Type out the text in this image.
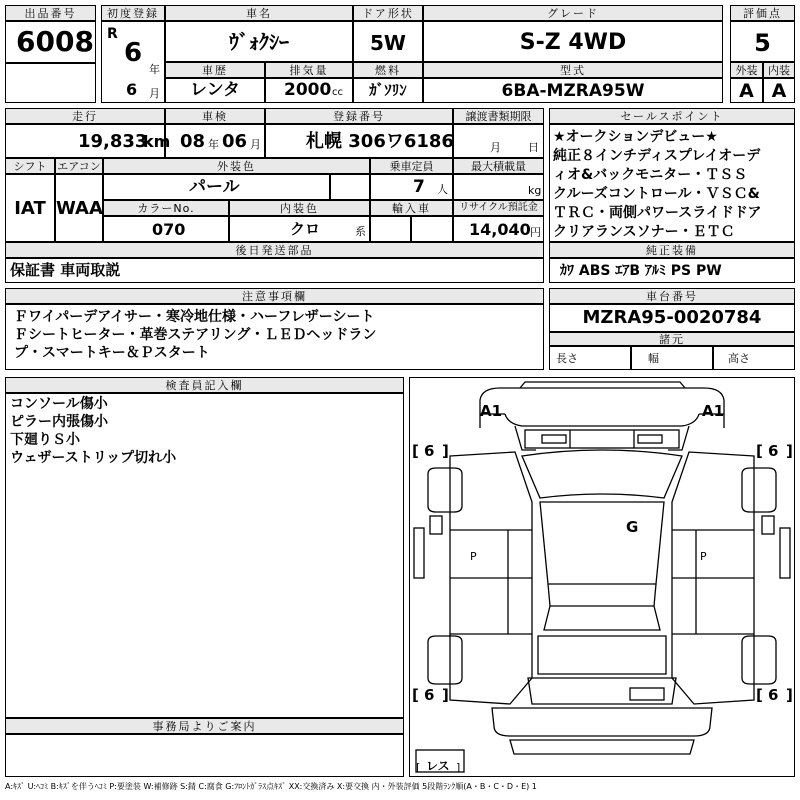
出品番号
6008
初度登録
R
6
年
6 月
車名
ｳﾞｫｸｼｰ
ドア形状
5W
グレード
S-Z 4WD
評価点
5
車歴
レンタ
排気量
2000 cc
燃料
ｶﾞｿﾘﾝ
型式
6BA-MZRA95W
外装 内装
A A
走行
19,833
km
車検
08 年 06 月
登録番号
札幌 306ワ6186
譲渡書類期限
月 日
シフト エアコン
IAT WAA
外装色
パール
乗車定員
7 人
最大積載量
kg
カラーNo.
070
内装色
クロ	系
輸入車	リサイクル預託金
14,040 円
セールスポイント
★オークションデビュー★
純正８インチディスプレイオーデ
ィオ&バックモニター・ＴＳＳ
クルーズコントロール・ＶＳＣ&
ＴＲＣ・両側パワースライドドア
クリアランスソナー・ＥＴＣ
後日発送部品
保証書 車両取説
純正装備
ｶﾜ ABS ｴｱB ｱﾙﾐ PS PW
注意事項欄
Ｆワイパーデアイサー・寒冷地仕様・ハーフレザーシート
Ｆシートヒーター・革巻ステアリング・ＬＥＤヘッドラン
プ・スマートキー＆Ｐスタート
車台番号
MZRA95-0020784
諸元
長さ	幅	高さ
検査員記入欄
コンソール傷小
ピラー内張傷小
下廻りＳ小
ウェザーストリップ切れ小
事務局よりご案内
A1	A1
G
[ 6 ]	[ 6 ]
[ 6 ]	[ 6 ]
[ レス ]
P	P
A:ｷｽﾞ U:ﾍｺﾐ B:ｷｽﾞを伴うﾍｺﾐ P:要塗装 W:補修跡 S:錆 C:腐食 G:ﾌﾛﾝﾄｶﾞﾗｽ点ｷｽﾞ XX:交換済み X:要交換 内・外装評価 5段階ﾗﾝｸ順(A・B・C・D・E) 1
